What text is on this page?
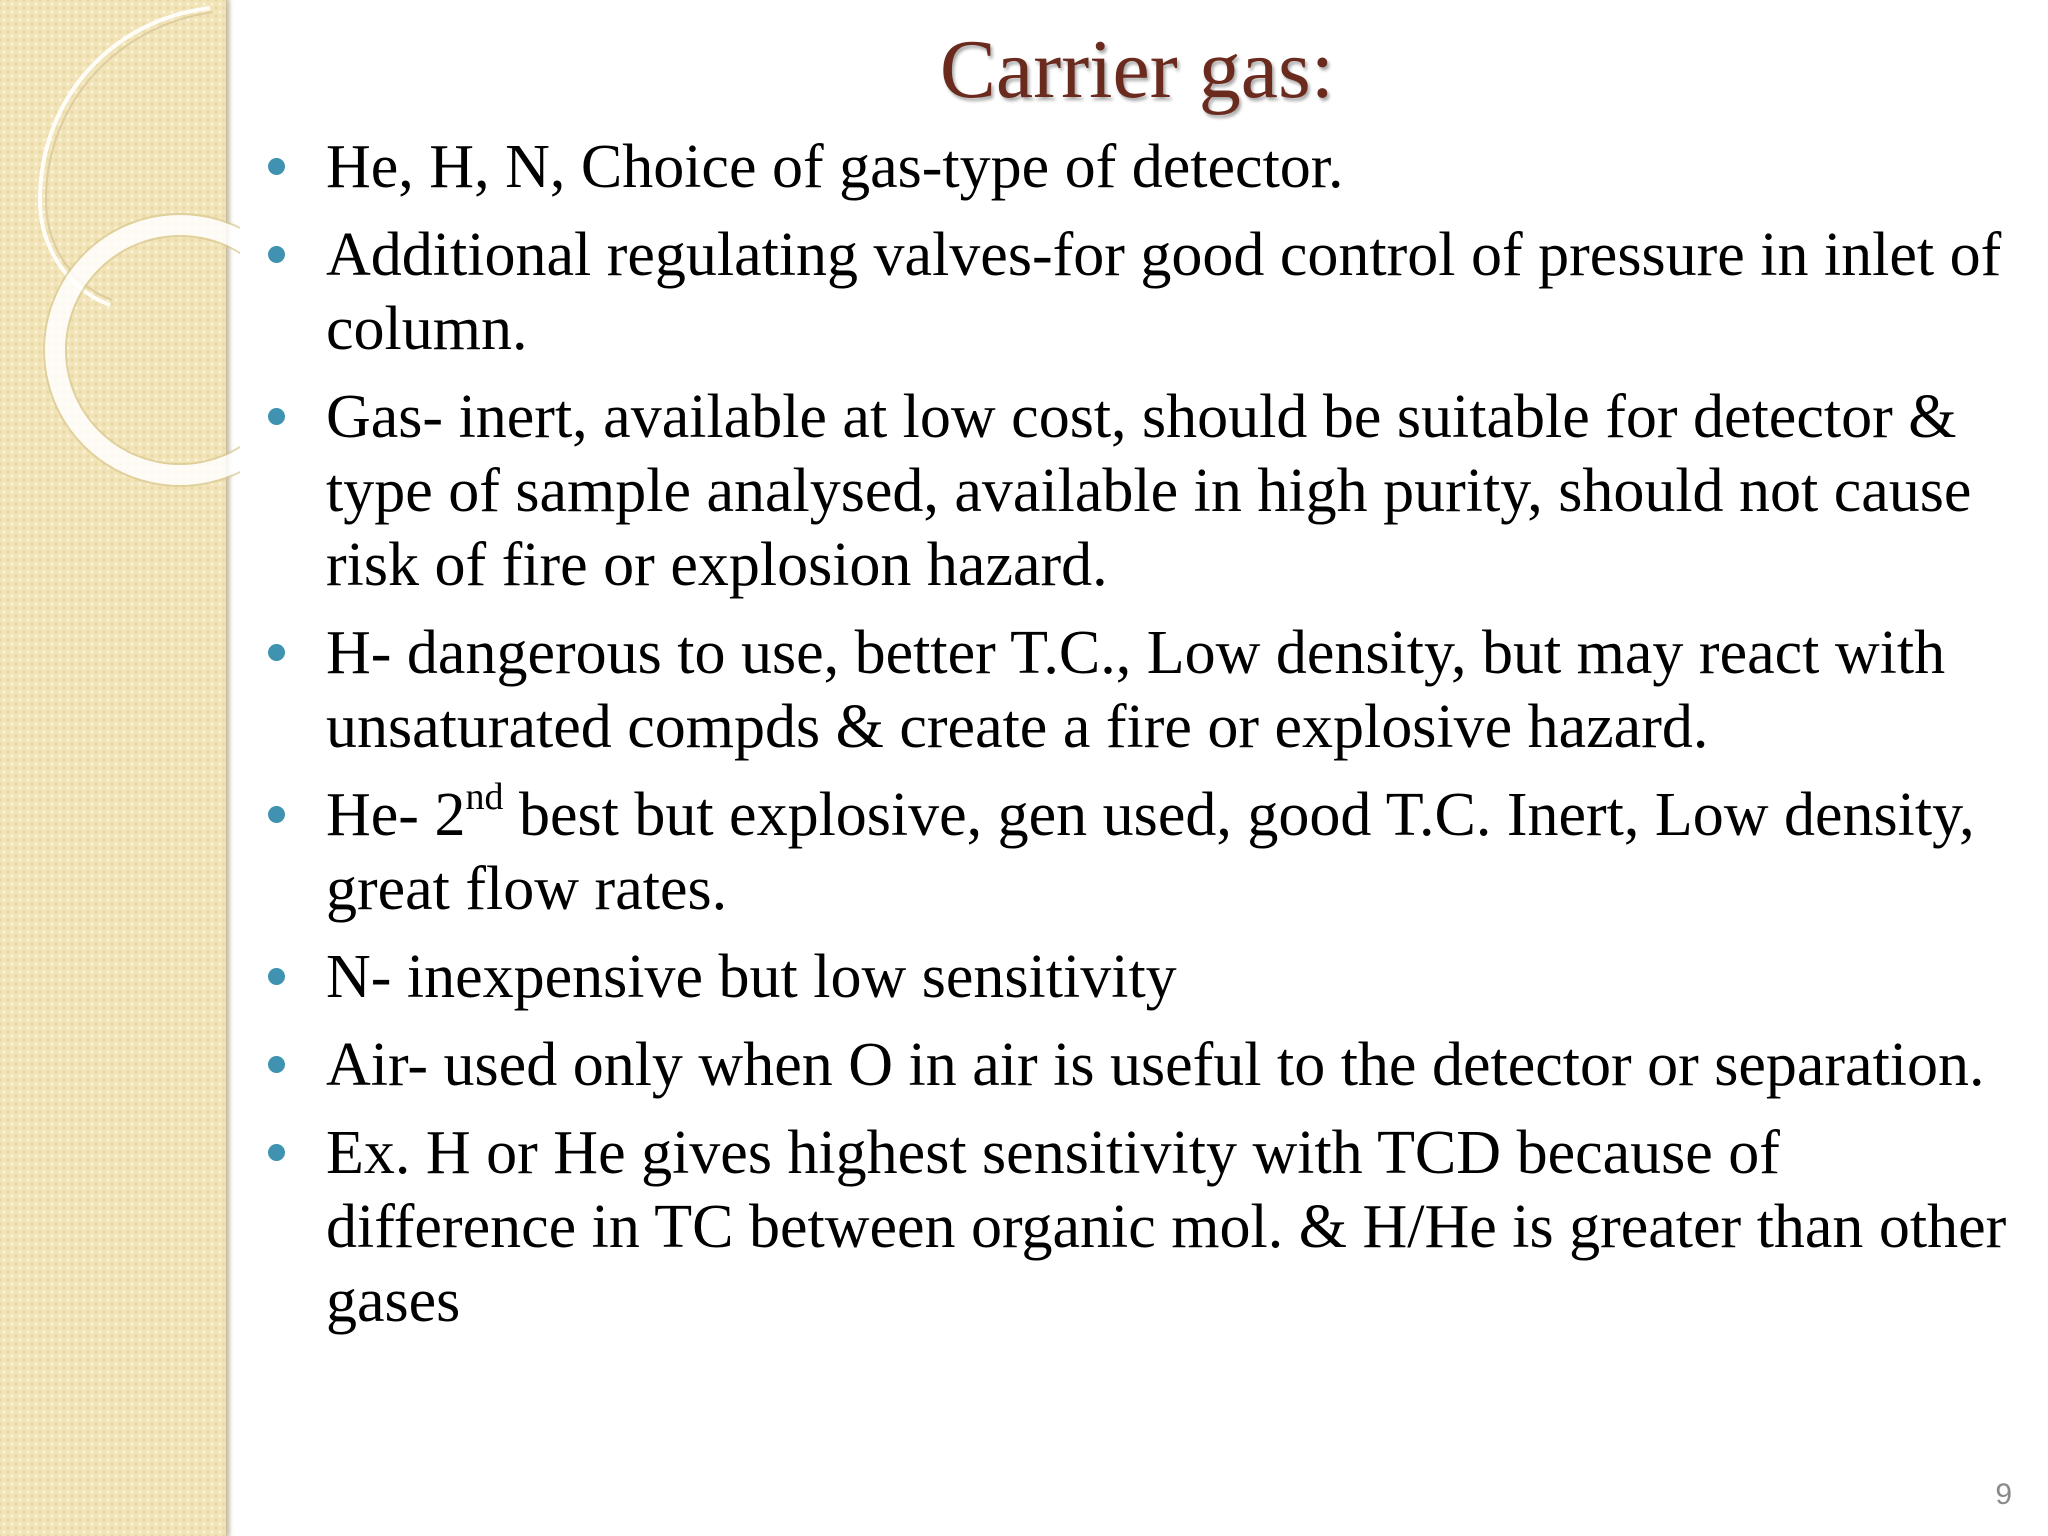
Carrier gas:
He, H, N, Choice of gas-type of detector.
Additional regulating valves-for good control of pressure in inlet of column.
Gas- inert, available at low cost, should be suitable for detector & type of sample analysed, available in high purity, should not cause risk of fire or explosion hazard.
H- dangerous to use, better T.C., Low density, but may react with unsaturated compds & create a fire or explosive hazard.
He- 2nd best but explosive, gen used, good T.C. Inert, Low density, great flow rates.
N- inexpensive but low sensitivity
Air- used only when O in air is useful to the detector or separation.
Ex. H or He gives highest sensitivity with TCD because of difference in TC between organic mol. & H/He is greater than other gases
9
